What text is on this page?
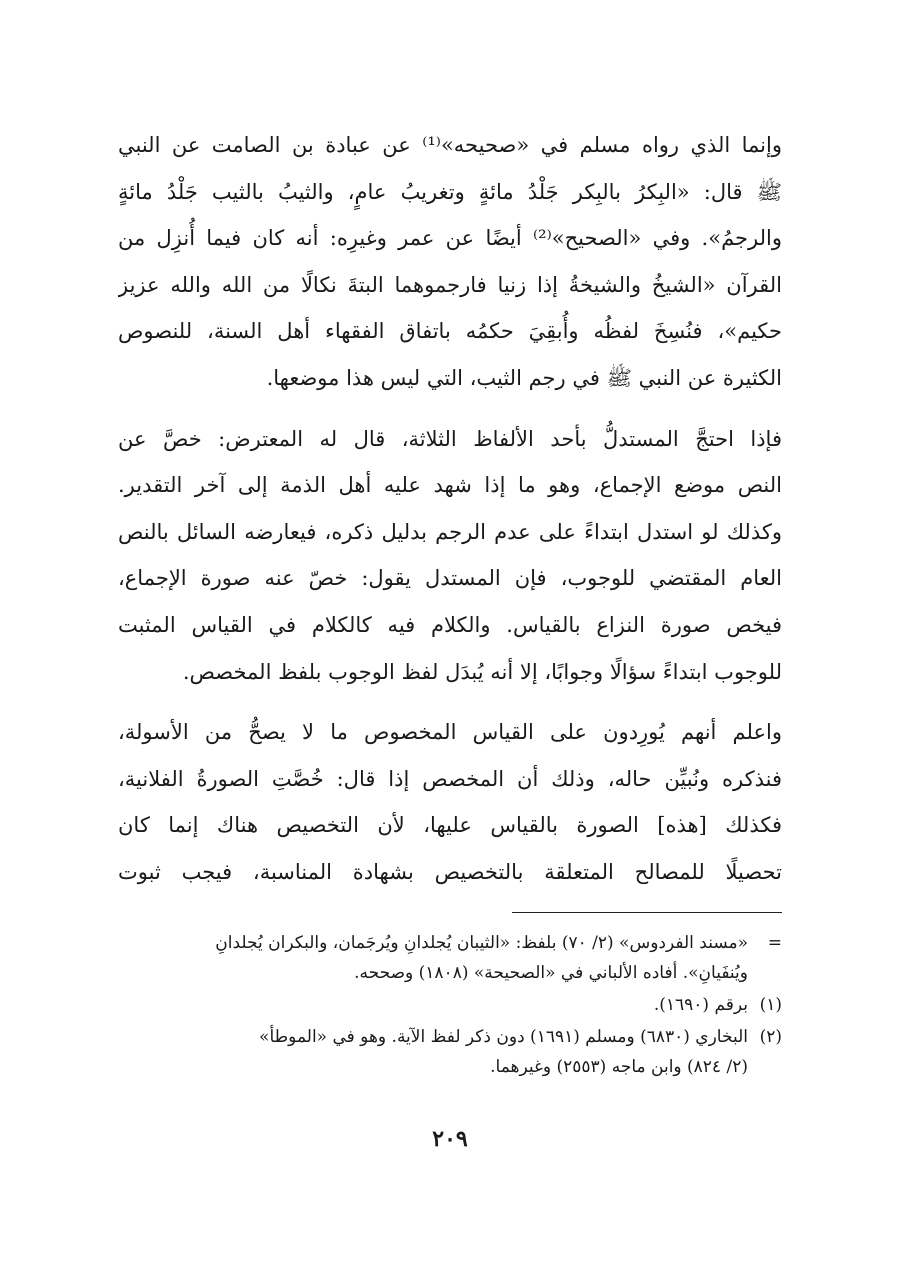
وإنما الذي رواه مسلم في «صحيحه»⁽¹⁾ عن عبادة بن الصامت عن النبي
ﷺ قال: «البِكرُ بالبِكر جَلْدُ مائةٍ وتغريبُ عامٍ، والثيبُ بالثيب جَلْدُ مائةٍ
والرجمُ». وفي «الصحيح»⁽²⁾ أيضًا عن عمر وغيرِه: أنه كان فيما أُنزِل من
القرآن «الشيخُ والشيخةُ إذا زنيا فارجموهما البتةَ نكالًا من الله والله عزيز
حكيم»، فنُسِخَ لفظُه وأُبقِيَ حكمُه باتفاق الفقهاء أهل السنة، للنصوص
الكثيرة عن النبي ﷺ في رجم الثيب، التي ليس هذا موضعها.

فإذا احتجَّ المستدلُّ بأحد الألفاظ الثلاثة، قال له المعترض: خصَّ عن
النص موضع الإجماع، وهو ما إذا شهد عليه أهل الذمة إلى آخر التقدير.
وكذلك لو استدل ابتداءً على عدم الرجم بدليل ذكره، فيعارضه السائل بالنص
العام المقتضي للوجوب، فإن المستدل يقول: خصّ عنه صورة الإجماع،
فيخص صورة النزاع بالقياس. والكلام فيه كالكلام في القياس المثبت
للوجوب ابتداءً سؤالًا وجوابًا، إلا أنه يُبدَل لفظ الوجوب بلفظ المخصص.

واعلم أنهم يُورِدون على القياس المخصوص ما لا يصحُّ من الأسولة،
فنذكره ونُبيِّن حاله، وذلك أن المخصص إذا قال: خُصَّتِ الصورةُ الفلانية،
فكذلك [هذه] الصورة بالقياس عليها، لأن التخصيص هناك إنما كان
تحصيلًا للمصالح المتعلقة بالتخصيص بشهادة المناسبة، فيجب ثبوت

=
«مسند الفردوس» (٢/ ٧٠) بلفظ: «الثيبان يُجلدانِ ويُرجَمان، والبكران يُجلدانِ
ويُنفَيانِ». أفاده الألباني في «الصحيحة» (١٨٠٨) وصححه.
(١)
برقم (١٦٩٠).
(٢)
البخاري (٦٨٣٠) ومسلم (١٦٩١) دون ذكر لفظ الآية. وهو في «الموطأ»
(٢/ ٨٢٤) وابن ماجه (٢٥٥٣) وغيرهما.
٢٠٩
